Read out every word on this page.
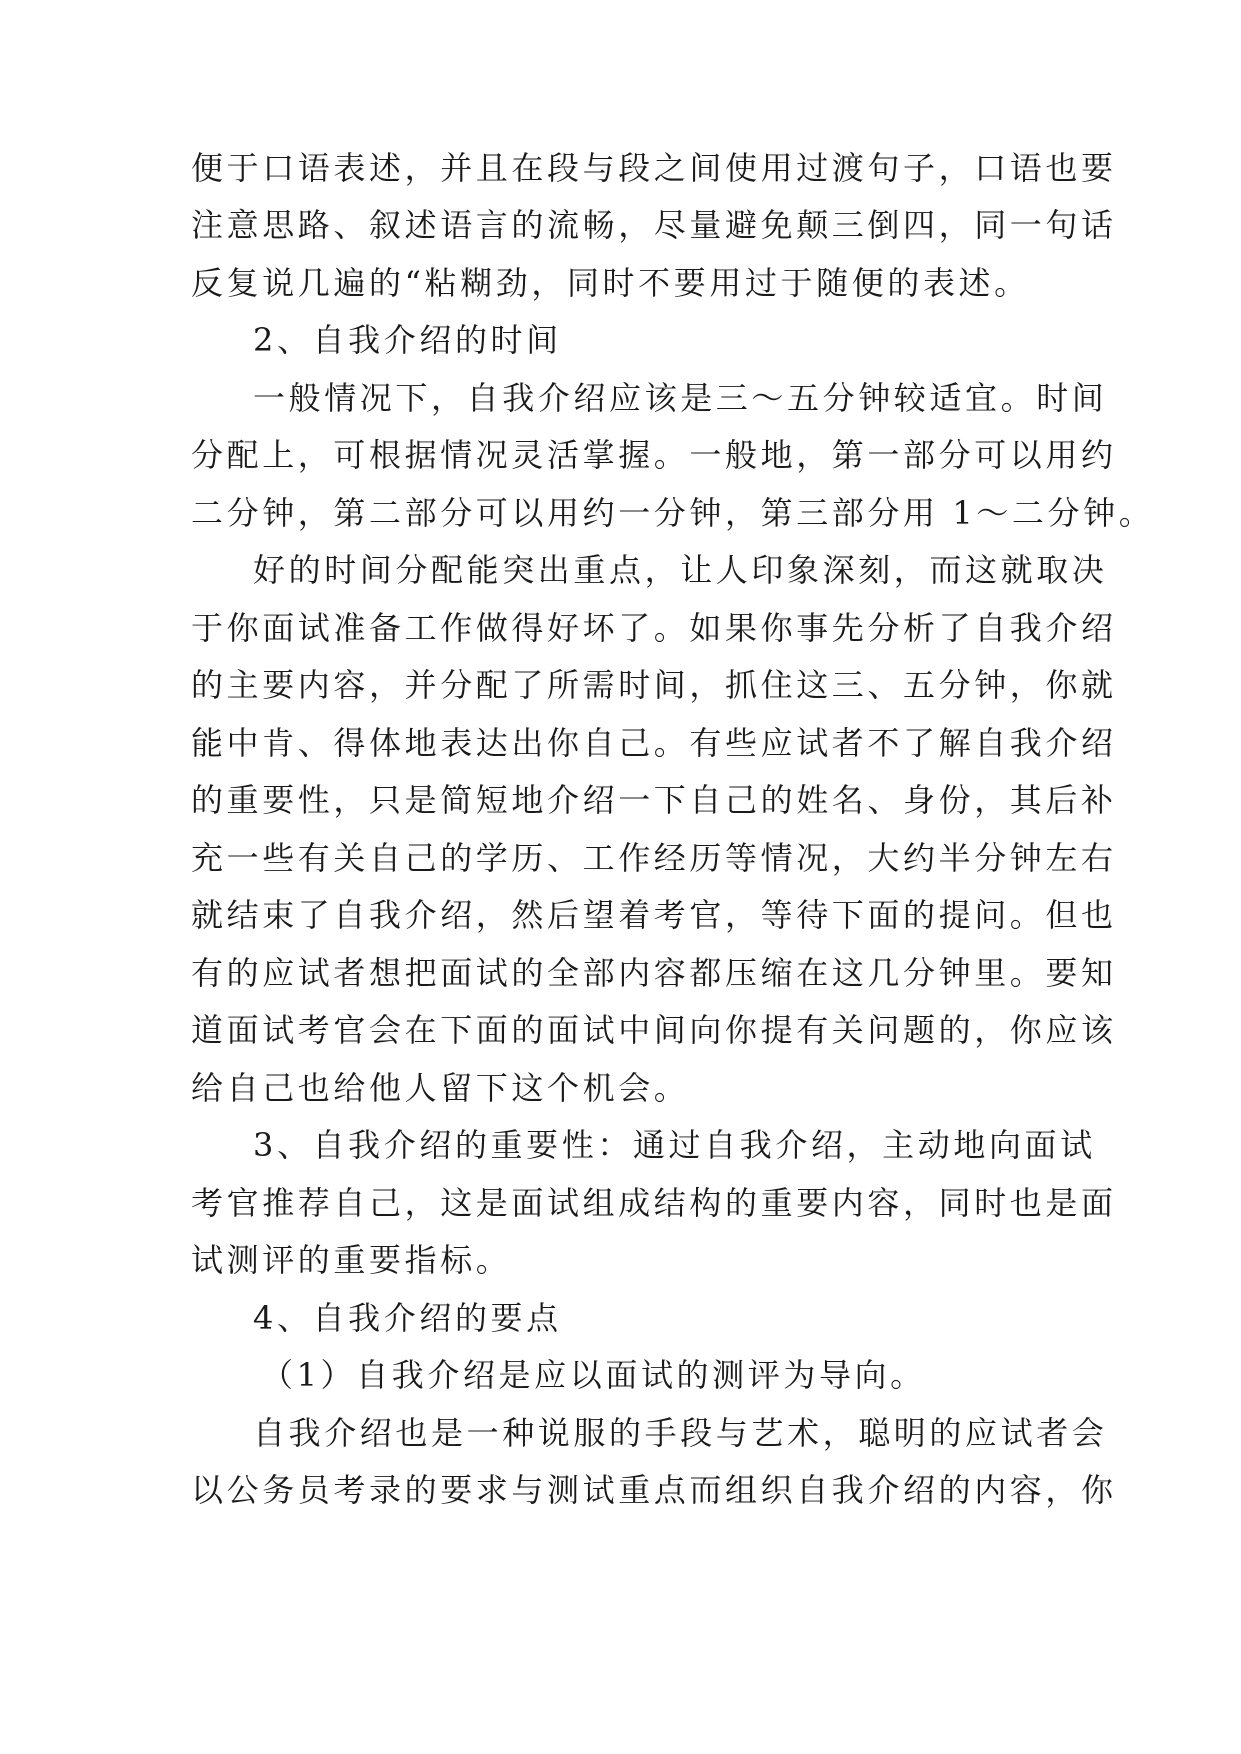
便于口语表述，并且在段与段之间使用过渡句子，口语也要
注意思路、叙述语言的流畅，尽量避免颠三倒四，同一句话
反复说几遍的“粘糊劲，同时不要用过于随便的表述。
2、自我介绍的时间
一般情况下，自我介绍应该是三～五分钟较适宜。时间
分配上，可根据情况灵活掌握。一般地，第一部分可以用约
二分钟，第二部分可以用约一分钟，第三部分用 1～二分钟。
好的时间分配能突出重点，让人印象深刻，而这就取决
于你面试准备工作做得好坏了。如果你事先分析了自我介绍
的主要内容，并分配了所需时间，抓住这三、五分钟，你就
能中肯、得体地表达出你自己。有些应试者不了解自我介绍
的重要性，只是简短地介绍一下自己的姓名、身份，其后补
充一些有关自己的学历、工作经历等情况，大约半分钟左右
就结束了自我介绍，然后望着考官，等待下面的提问。但也
有的应试者想把面试的全部内容都压缩在这几分钟里。要知
道面试考官会在下面的面试中间向你提有关问题的，你应该
给自己也给他人留下这个机会。
3、自我介绍的重要性：通过自我介绍，主动地向面试
考官推荐自己，这是面试组成结构的重要内容，同时也是面
试测评的重要指标。
4、自我介绍的要点
（1）自我介绍是应以面试的测评为导向。
自我介绍也是一种说服的手段与艺术，聪明的应试者会
以公务员考录的要求与测试重点而组织自我介绍的内容，你
